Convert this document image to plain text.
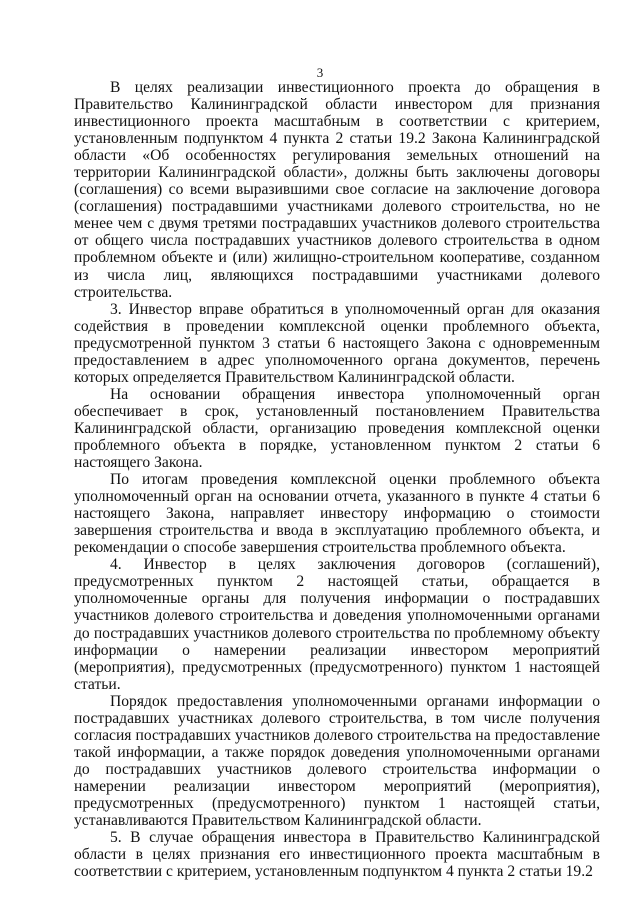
3

В целях реализации инвестиционного проекта до обращения в Правительство Калининградской области инвестором для признания инвестиционного проекта масштабным в соответствии с критерием, установленным подпунктом 4 пункта 2 статьи 19.2 Закона Калининградской области «Об особенностях регулирования земельных отношений на территории Калининградской области», должны быть заключены договоры (соглашения) со всеми выразившими свое согласие на заключение договора (соглашения) пострадавшими участниками долевого строительства, но не менее чем с двумя третями пострадавших участников долевого строительства от общего числа пострадавших участников долевого строительства в одном проблемном объекте и (или) жилищно-строительном кооперативе, созданном из числа лиц, являющихся пострадавшими участниками долевого строительства.

3. Инвестор вправе обратиться в уполномоченный орган для оказания содействия в проведении комплексной оценки проблемного объекта, предусмотренной пунктом 3 статьи 6 настоящего Закона с одновременным предоставлением в адрес уполномоченного органа документов, перечень которых определяется Правительством Калининградской области.

На основании обращения инвестора уполномоченный орган обеспечивает в срок, установленный постановлением Правительства Калининградской области, организацию проведения комплексной оценки проблемного объекта в порядке, установленном пунктом 2 статьи 6 настоящего Закона.

По итогам проведения комплексной оценки проблемного объекта уполномоченный орган на основании отчета, указанного в пункте 4 статьи 6 настоящего Закона, направляет инвестору информацию о стоимости завершения строительства и ввода в эксплуатацию проблемного объекта, и рекомендации о способе завершения строительства проблемного объекта.

4. Инвестор в целях заключения договоров (соглашений), предусмотренных пунктом 2 настоящей статьи, обращается в уполномоченные органы для получения информации о пострадавших участников долевого строительства и доведения уполномоченными органами до пострадавших участников долевого строительства по проблемному объекту информации о намерении реализации инвестором мероприятий (мероприятия), предусмотренных (предусмотренного) пунктом 1 настоящей статьи.

Порядок предоставления уполномоченными органами информации о пострадавших участниках долевого строительства, в том числе получения согласия пострадавших участников долевого строительства на предоставление такой информации, а также порядок доведения уполномоченными органами до пострадавших участников долевого строительства информации о намерении реализации инвестором мероприятий (мероприятия), предусмотренных (предусмотренного) пунктом 1 настоящей статьи, устанавливаются Правительством Калининградской области.

5. В случае обращения инвестора в Правительство Калининградской области в целях признания его инвестиционного проекта масштабным в соответствии с критерием, установленным подпунктом 4 пункта 2 статьи 19.2
